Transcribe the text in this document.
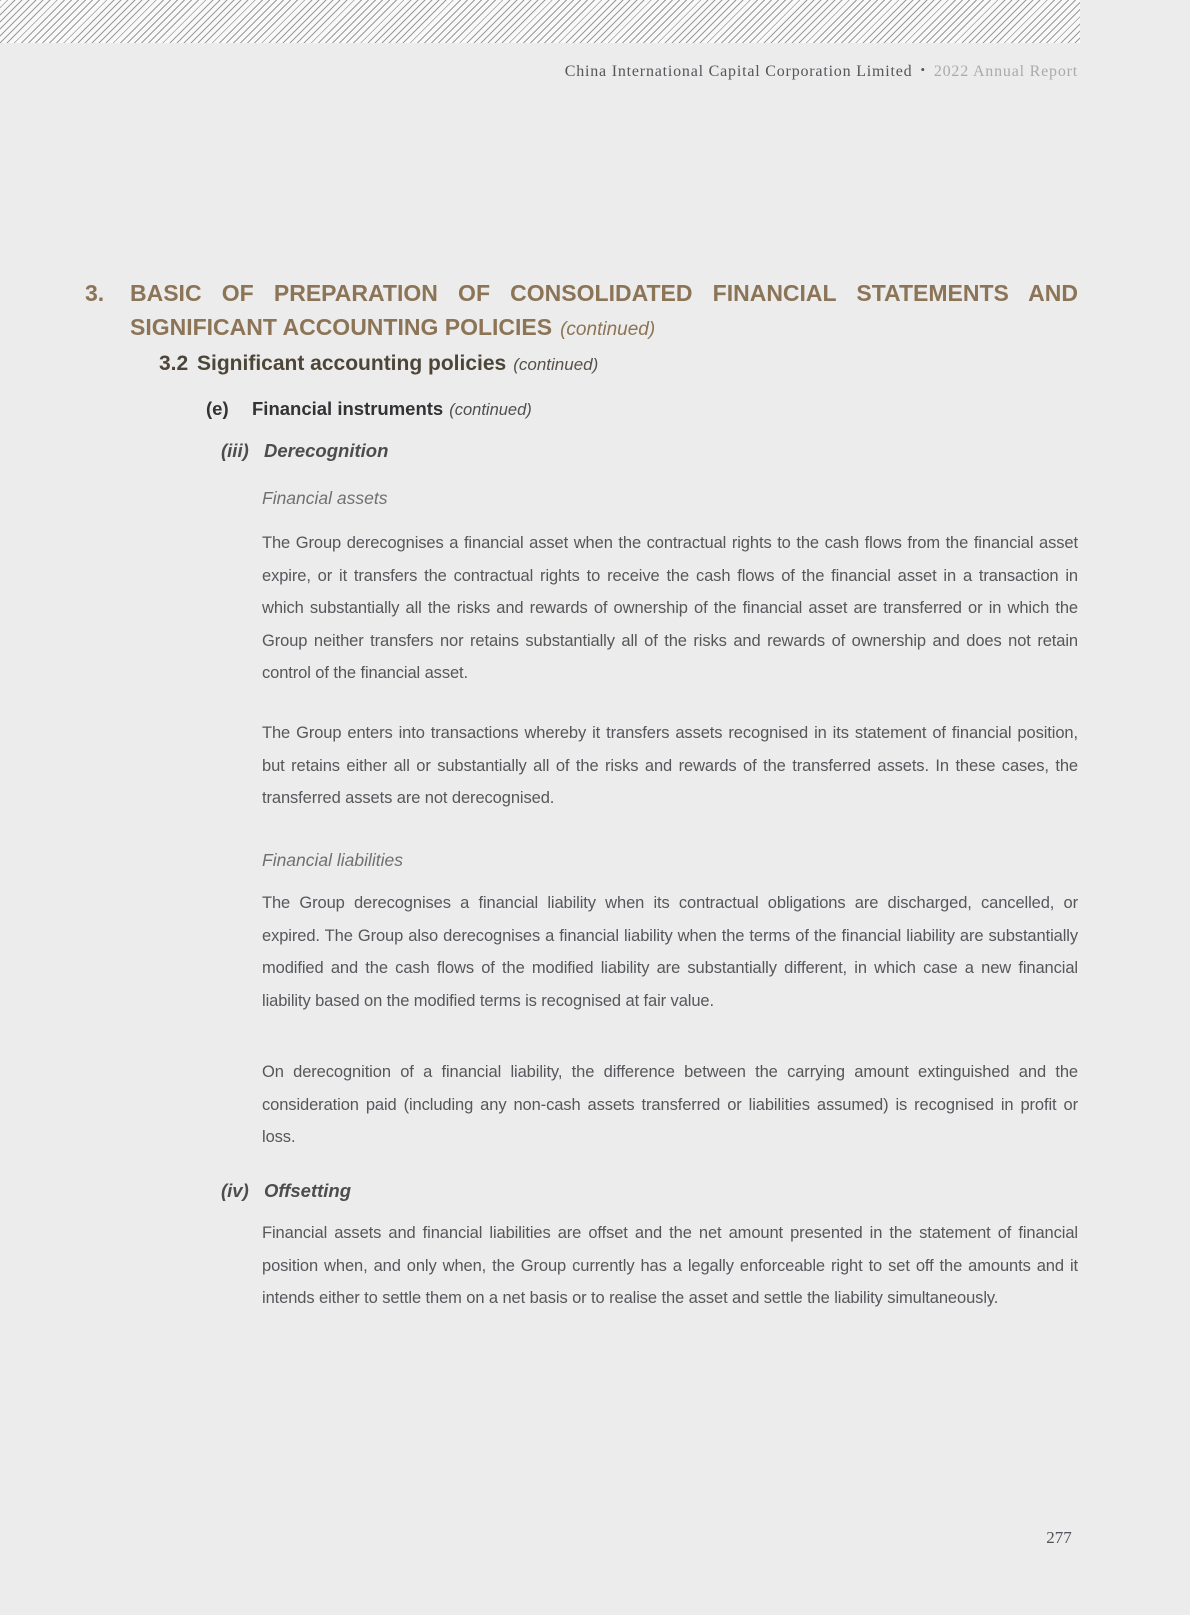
China International Capital Corporation Limited • 2022 Annual Report
3. BASIC OF PREPARATION OF CONSOLIDATED FINANCIAL STATEMENTS AND
SIGNIFICANT ACCOUNTING POLICIES (continued)
3.2 Significant accounting policies (continued)
(e) Financial instruments (continued)
(iii) Derecognition
Financial assets
The Group derecognises a financial asset when the contractual rights to the cash flows from the financial asset expire, or it transfers the contractual rights to receive the cash flows of the financial asset in a transaction in which substantially all the risks and rewards of ownership of the financial asset are transferred or in which the Group neither transfers nor retains substantially all of the risks and rewards of ownership and does not retain control of the financial asset.
The Group enters into transactions whereby it transfers assets recognised in its statement of financial position, but retains either all or substantially all of the risks and rewards of the transferred assets. In these cases, the transferred assets are not derecognised.
Financial liabilities
The Group derecognises a financial liability when its contractual obligations are discharged, cancelled, or expired. The Group also derecognises a financial liability when the terms of the financial liability are substantially modified and the cash flows of the modified liability are substantially different, in which case a new financial liability based on the modified terms is recognised at fair value.
On derecognition of a financial liability, the difference between the carrying amount extinguished and the consideration paid (including any non-cash assets transferred or liabilities assumed) is recognised in profit or loss.
(iv) Offsetting
Financial assets and financial liabilities are offset and the net amount presented in the statement of financial position when, and only when, the Group currently has a legally enforceable right to set off the amounts and it intends either to settle them on a net basis or to realise the asset and settle the liability simultaneously.
277
